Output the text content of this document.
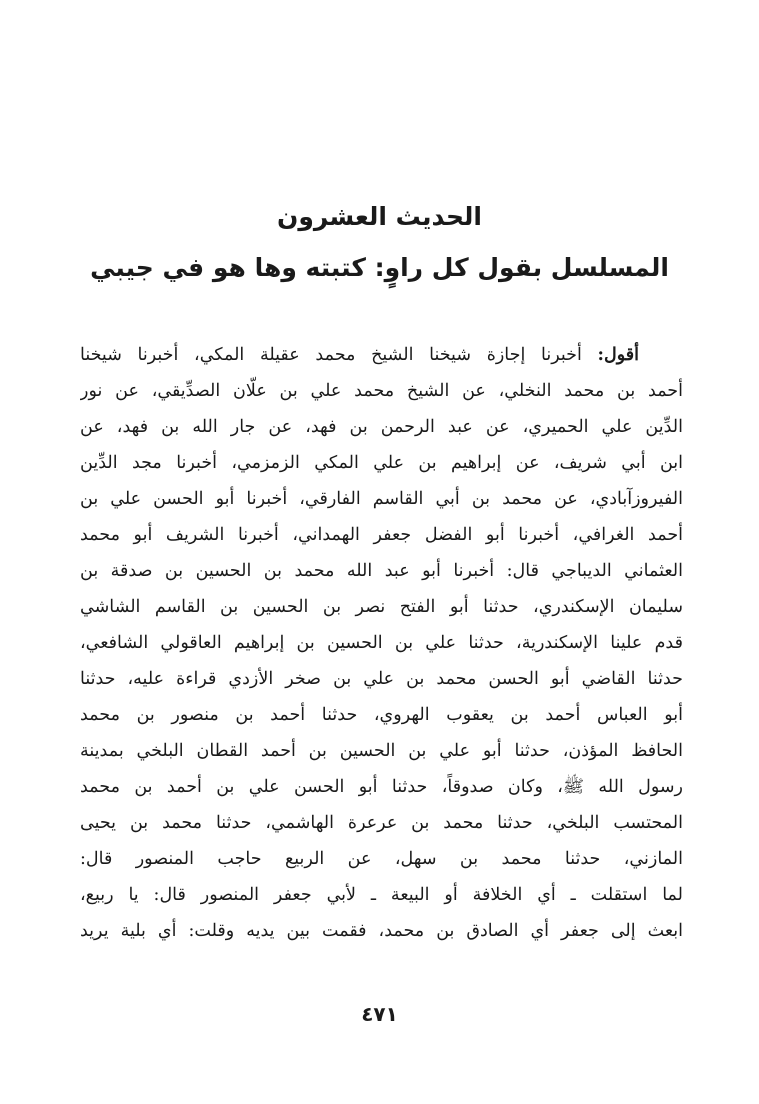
الحديث العشرون
المسلسل بقول كل راوٍ: كتبته وها هو في جيبي
أقول: أخبرنا إجازة شيخنا الشيخ محمد عقيلة المكي، أخبرنا شيخنا
أحمد بن محمد النخلي، عن الشيخ محمد علي بن علّان الصدِّيقي، عن نور
الدِّين علي الحميري، عن عبد الرحمن بن فهد، عن جار الله بن فهد، عن
ابن أبي شريف، عن إبراهيم بن علي المكي الزمزمي، أخبرنا مجد الدِّين
الفيروزآبادي، عن محمد بن أبي القاسم الفارقي، أخبرنا أبو الحسن علي بن
أحمد الغرافي، أخبرنا أبو الفضل جعفر الهمداني، أخبرنا الشريف أبو محمد
العثماني الديباجي قال: أخبرنا أبو عبد الله محمد بن الحسين بن صدقة بن
سليمان الإسكندري، حدثنا أبو الفتح نصر بن الحسين بن القاسم الشاشي
قدم علينا الإسكندرية، حدثنا علي بن الحسين بن إبراهيم العاقولي الشافعي،
حدثنا القاضي أبو الحسن محمد بن علي بن صخر الأزدي قراءة عليه، حدثنا
أبو العباس أحمد بن يعقوب الهروي، حدثنا أحمد بن منصور بن محمد
الحافظ المؤذن، حدثنا أبو علي بن الحسين بن أحمد القطان البلخي بمدينة
رسول الله ﷺ، وكان صدوقاً، حدثنا أبو الحسن علي بن أحمد بن محمد
المحتسب البلخي، حدثنا محمد بن عرعرة الهاشمي، حدثنا محمد بن يحيى
المازني، حدثنا محمد بن سهل، عن الربيع حاجب المنصور قال:
لما استقلت ـ أي الخلافة أو البيعة ـ لأبي جعفر المنصور قال: يا ربيع،
ابعث إلى جعفر أي الصادق بن محمد، فقمت بين يديه وقلت: أي بلية يريد
٤٧١
